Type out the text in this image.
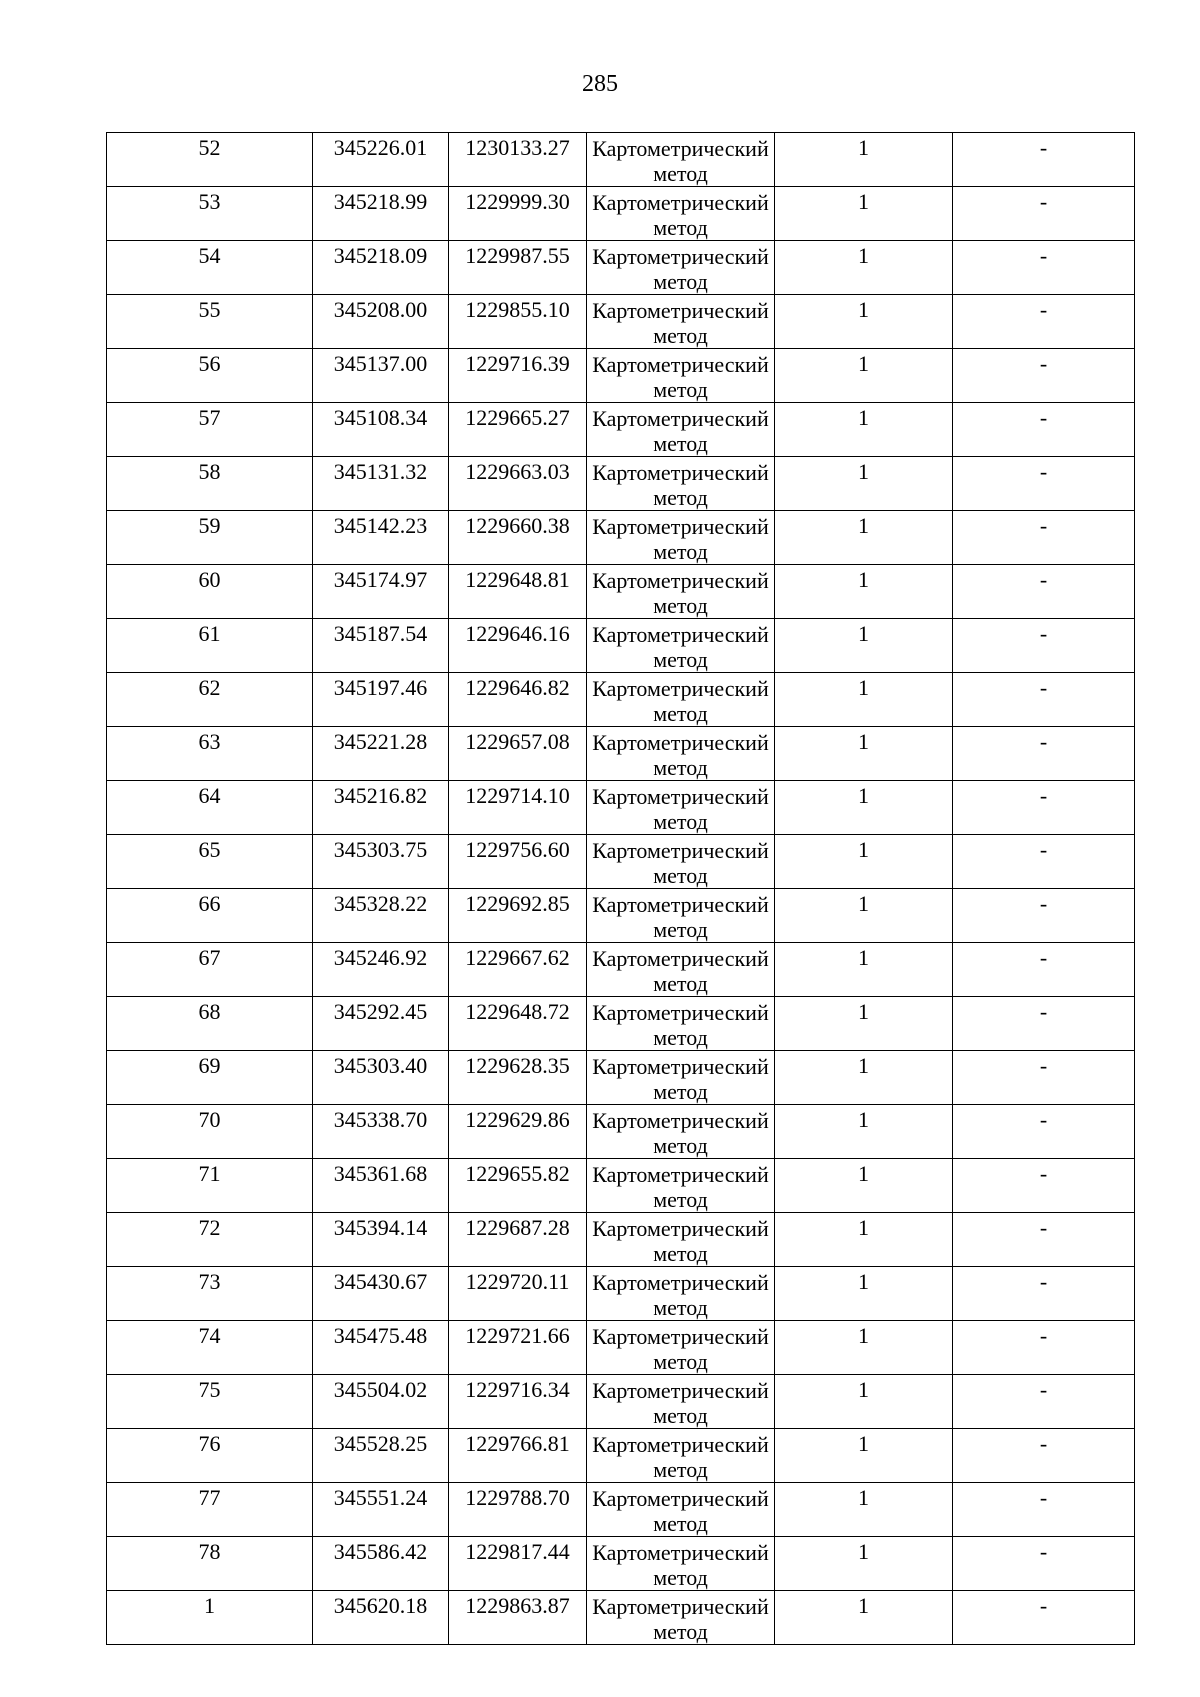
285
52	345226.01	1230133.27	Картометрический метод	1	-
53	345218.99	1229999.30	Картометрический метод	1	-
54	345218.09	1229987.55	Картометрический метод	1	-
55	345208.00	1229855.10	Картометрический метод	1	-
56	345137.00	1229716.39	Картометрический метод	1	-
57	345108.34	1229665.27	Картометрический метод	1	-
58	345131.32	1229663.03	Картометрический метод	1	-
59	345142.23	1229660.38	Картометрический метод	1	-
60	345174.97	1229648.81	Картометрический метод	1	-
61	345187.54	1229646.16	Картометрический метод	1	-
62	345197.46	1229646.82	Картометрический метод	1	-
63	345221.28	1229657.08	Картометрический метод	1	-
64	345216.82	1229714.10	Картометрический метод	1	-
65	345303.75	1229756.60	Картометрический метод	1	-
66	345328.22	1229692.85	Картометрический метод	1	-
67	345246.92	1229667.62	Картометрический метод	1	-
68	345292.45	1229648.72	Картометрический метод	1	-
69	345303.40	1229628.35	Картометрический метод	1	-
70	345338.70	1229629.86	Картометрический метод	1	-
71	345361.68	1229655.82	Картометрический метод	1	-
72	345394.14	1229687.28	Картометрический метод	1	-
73	345430.67	1229720.11	Картометрический метод	1	-
74	345475.48	1229721.66	Картометрический метод	1	-
75	345504.02	1229716.34	Картометрический метод	1	-
76	345528.25	1229766.81	Картометрический метод	1	-
77	345551.24	1229788.70	Картометрический метод	1	-
78	345586.42	1229817.44	Картометрический метод	1	-
1	345620.18	1229863.87	Картометрический метод	1	-
